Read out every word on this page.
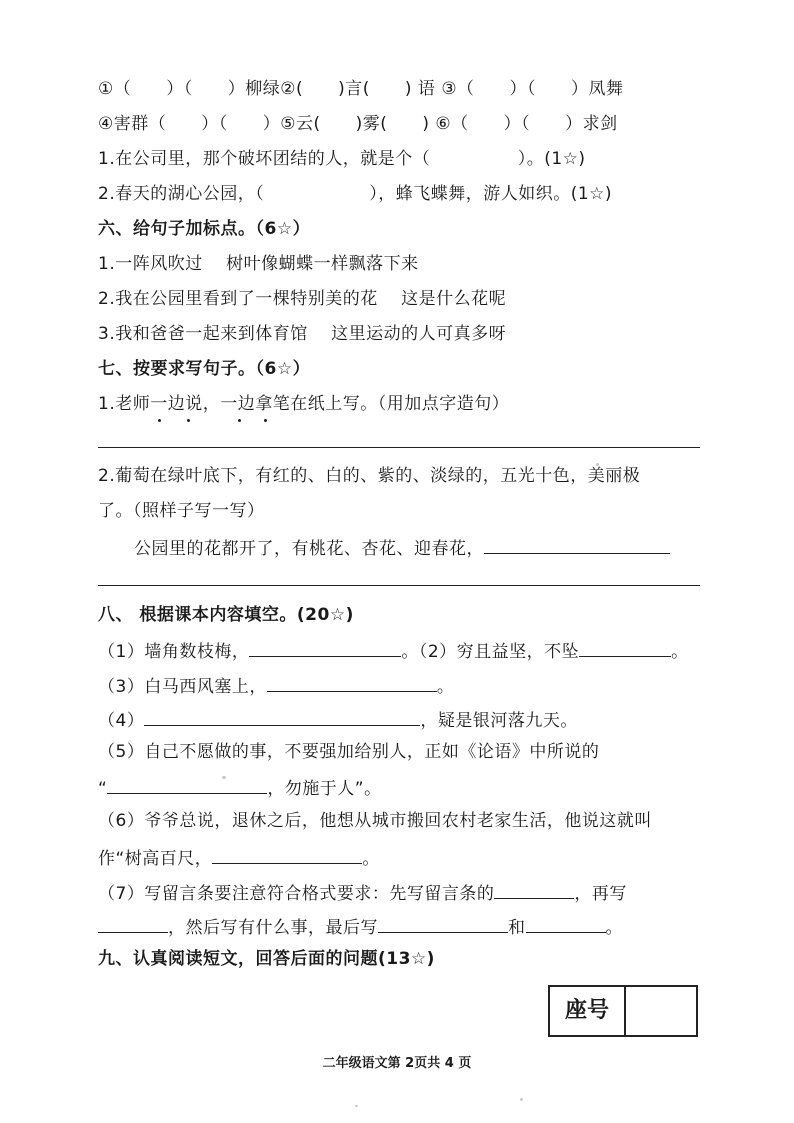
①（　　）（　　）柳绿②(　　)言(　　) 语 ③（　　）（　　）凤舞
④害群（　　）（　　）⑤云(　　)雾(　　) ⑥（　　）（　　）求剑
1.在公司里，那个破坏团结的人，就是个（　　　　　）。(1☆)
2.春天的湖心公园，（　　　　　　），蜂飞蝶舞，游人如织。(1☆)
六、给句子加标点。（6☆）
1.一阵风吹过　 树叶像蝴蝶一样飘落下来
2.我在公园里看到了一棵特别美的花　 这是什么花呢
3.我和爸爸一起来到体育馆　 这里运动的人可真多呀
七、按要求写句子。（6☆）
1.老师一边说，一边拿笔在纸上写。（用加点字造句）
2.葡萄在绿叶底下，有红的、白的、紫的、淡绿的，五光十色，美丽极
了。（照样子写一写）
公园里的花都开了，有桃花、杏花、迎春花，
八、 根据课本内容填空。(20☆)
（1）墙角数枝梅，	。（2）穷且益坚，不坠	。
（3）白马西风塞上，	。
（4）	，疑是银河落九天。
（5）自己不愿做的事，不要强加给别人，正如《论语》中所说的
“	，勿施于人”。
（6）爷爷总说，退休之后，他想从城市搬回农村老家生活，他说这就叫
作“树高百尺，	。
（7）写留言条要注意符合格式要求：先写留言条的	，再写
，然后写有什么事，最后写	和	。
九、认真阅读短文，回答后面的问题(13☆)
座号
二年级语文第 2页共 4 页
